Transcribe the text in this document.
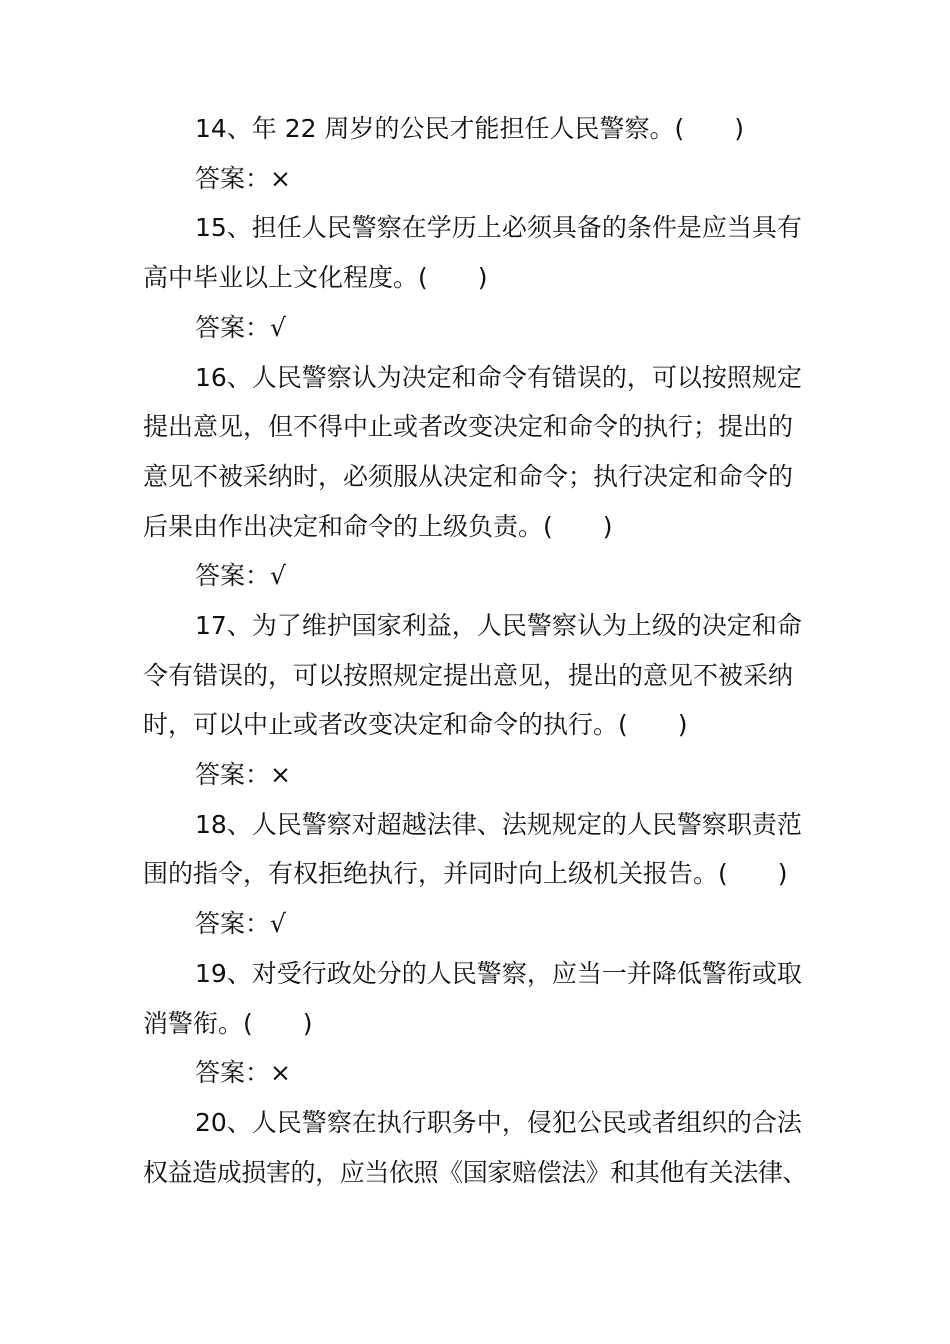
14、年 22 周岁的公民才能担任人民警察。(　　)
答案：×
15、担任人民警察在学历上必须具备的条件是应当具有
高中毕业以上文化程度。(　　)
答案：√
16、人民警察认为决定和命令有错误的，可以按照规定
提出意见，但不得中止或者改变决定和命令的执行；提出的
意见不被采纳时，必须服从决定和命令；执行决定和命令的
后果由作出决定和命令的上级负责。(　　)
答案：√
17、为了维护国家利益，人民警察认为上级的决定和命
令有错误的，可以按照规定提出意见，提出的意见不被采纳
时，可以中止或者改变决定和命令的执行。(　　)
答案：×
18、人民警察对超越法律、法规规定的人民警察职责范
围的指令，有权拒绝执行，并同时向上级机关报告。(　　)
答案：√
19、对受行政处分的人民警察，应当一并降低警衔或取
消警衔。(　　)
答案：×
20、人民警察在执行职务中，侵犯公民或者组织的合法
权益造成损害的，应当依照《国家赔偿法》和其他有关法律、
